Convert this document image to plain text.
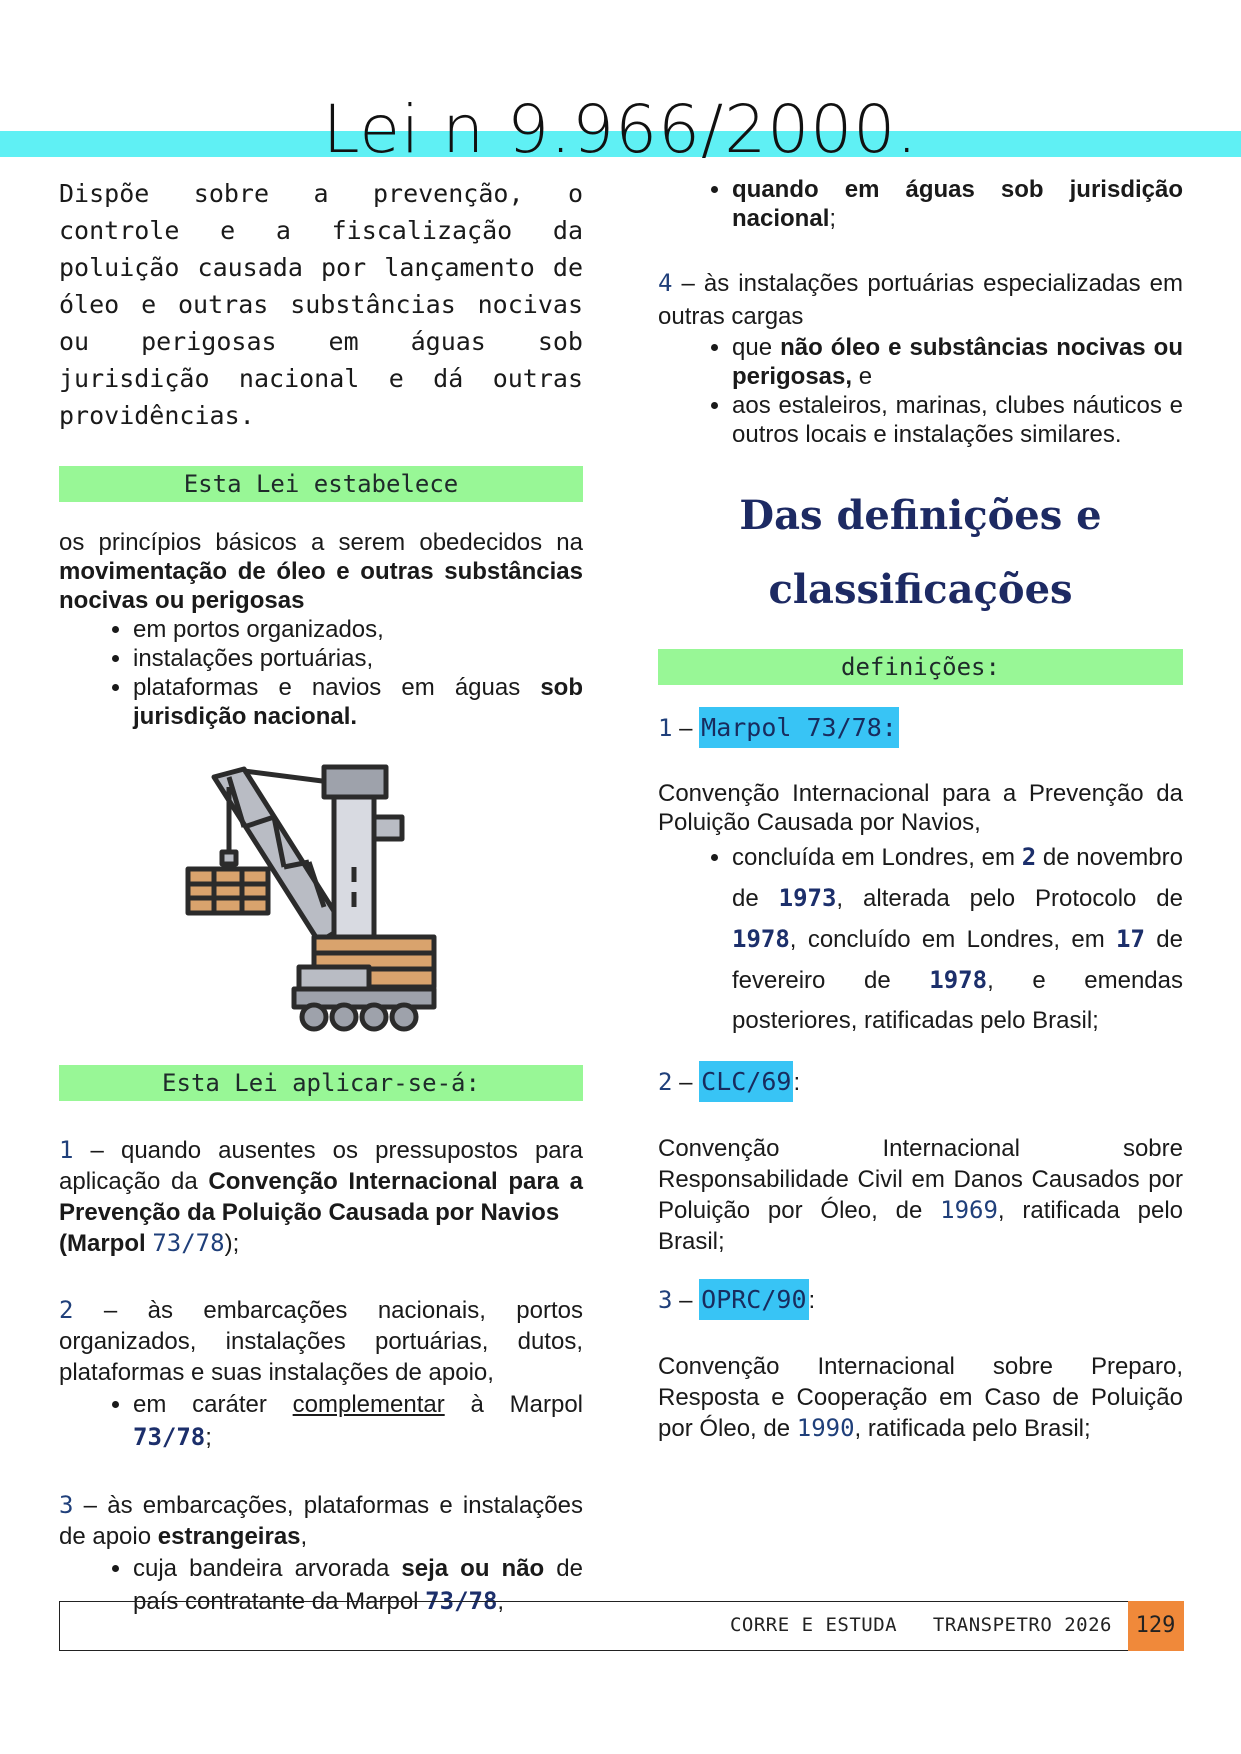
Lei n 9.966/2000.
Dispõe sobre a prevenção, o controle e a fiscalização da poluição causada por lançamento de óleo e outras substâncias nocivas ou perigosas em águas sob jurisdição nacional e dá outras providências.
Esta Lei estabelece

os princípios básicos a serem obedecidos na movimentação de óleo e outras substâncias nocivas ou perigosas

• em portos organizados,
• instalações portuárias,
• plataformas e navios em águas sob jurisdição nacional.
Esta Lei aplicar-se-á:

1 – quando ausentes os pressupostos para aplicação da Convenção Internacional para a Prevenção da Poluição Causada por Navios
(Marpol 73/78);

2 – às embarcações nacionais, portos organizados, instalações portuárias, dutos, plataformas e suas instalações de apoio,

• em caráter complementar à Marpol 73/78;

3 – às embarcações, plataformas e instalações de apoio estrangeiras,

• cuja bandeira arvorada seja ou não de país contratante da Marpol 73/78,
• quando em águas sob jurisdição nacional;

4 – às instalações portuárias especializadas em outras cargas

• que não óleo e substâncias nocivas ou perigosas, e
• aos estaleiros, marinas, clubes náuticos e outros locais e instalações similares.
Das definições e
classificações
definições:

1 – Marpol 73/78:

Convenção Internacional para a Prevenção da Poluição Causada por Navios,

• concluída em Londres, em 2 de novembro de 1973, alterada pelo Protocolo de 1978, concluído em Londres, em 17 de fevereiro de 1978, e emendas posteriores, ratificadas pelo Brasil;

2 – CLC/69:

Convenção Internacional sobre Responsabilidade Civil em Danos Causados por Poluição por Óleo, de 1969, ratificada pelo Brasil;

3 – OPRC/90:

Convenção Internacional sobre Preparo, Resposta e Cooperação em Caso de Poluição por Óleo, de 1990, ratificada pelo Brasil;

CORRE E ESTUDA   TRANSPETRO 2026	129
